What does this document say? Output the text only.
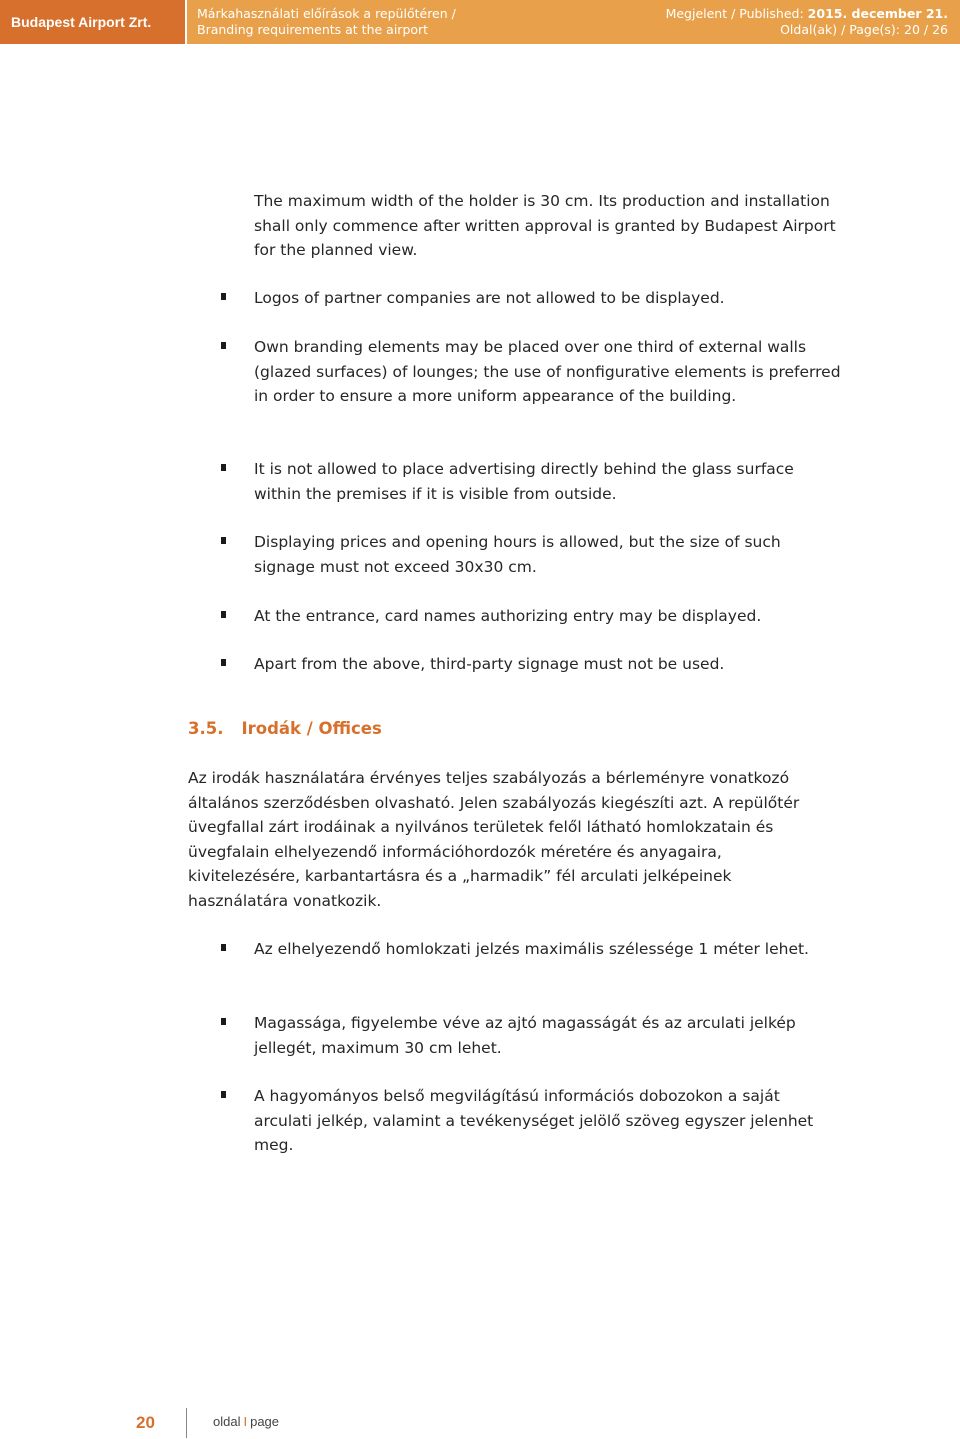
Budapest Airport Zrt.
Márkahasználati előírások a repülőtéren /
Branding requirements at the airport
Megjelent / Published: 2015. december 21.
Oldal(ak) / Page(s): 20 / 26
The maximum width of the holder is 30 cm. Its production and installation shall only commence after written approval is granted by Budapest Airport for the planned view.
Logos of partner companies are not allowed to be displayed.
Own branding elements may be placed over one third of external walls (glazed surfaces) of lounges; the use of nonfigurative elements is preferred in order to ensure a more uniform appearance of the building.
It is not allowed to place advertising directly behind the glass surface within the premises if it is visible from outside.
Displaying prices and opening hours is allowed, but the size of such signage must not exceed 30x30 cm.
At the entrance, card names authorizing entry may be displayed.
Apart from the above, third-party signage must not be used.
3.5. Irodák / Offices
Az irodák használatára érvényes teljes szabályozás a bérleményre vonatkozó általános szerződésben olvasható. Jelen szabályozás kiegészíti azt. A repülőtér üvegfallal zárt irodáinak a nyilvános területek felől látható homlokzatain és üvegfalain elhelyezendő információhordozók méretére és anyagaira, kivitelezésére, karbantartásra és a „harmadik” fél arculati jelképeinek használatára vonatkozik.
Az elhelyezendő homlokzati jelzés maximális szélessége 1 méter lehet.
Magassága, figyelembe véve az ajtó magasságát és az arculati jelkép jellegét, maximum 30 cm lehet.
A hagyományos belső megvilágítású információs dobozokon a saját arculati jelkép, valamint a tevékenységet jelölő szöveg egyszer jelenhet meg.
20	oldal I page
